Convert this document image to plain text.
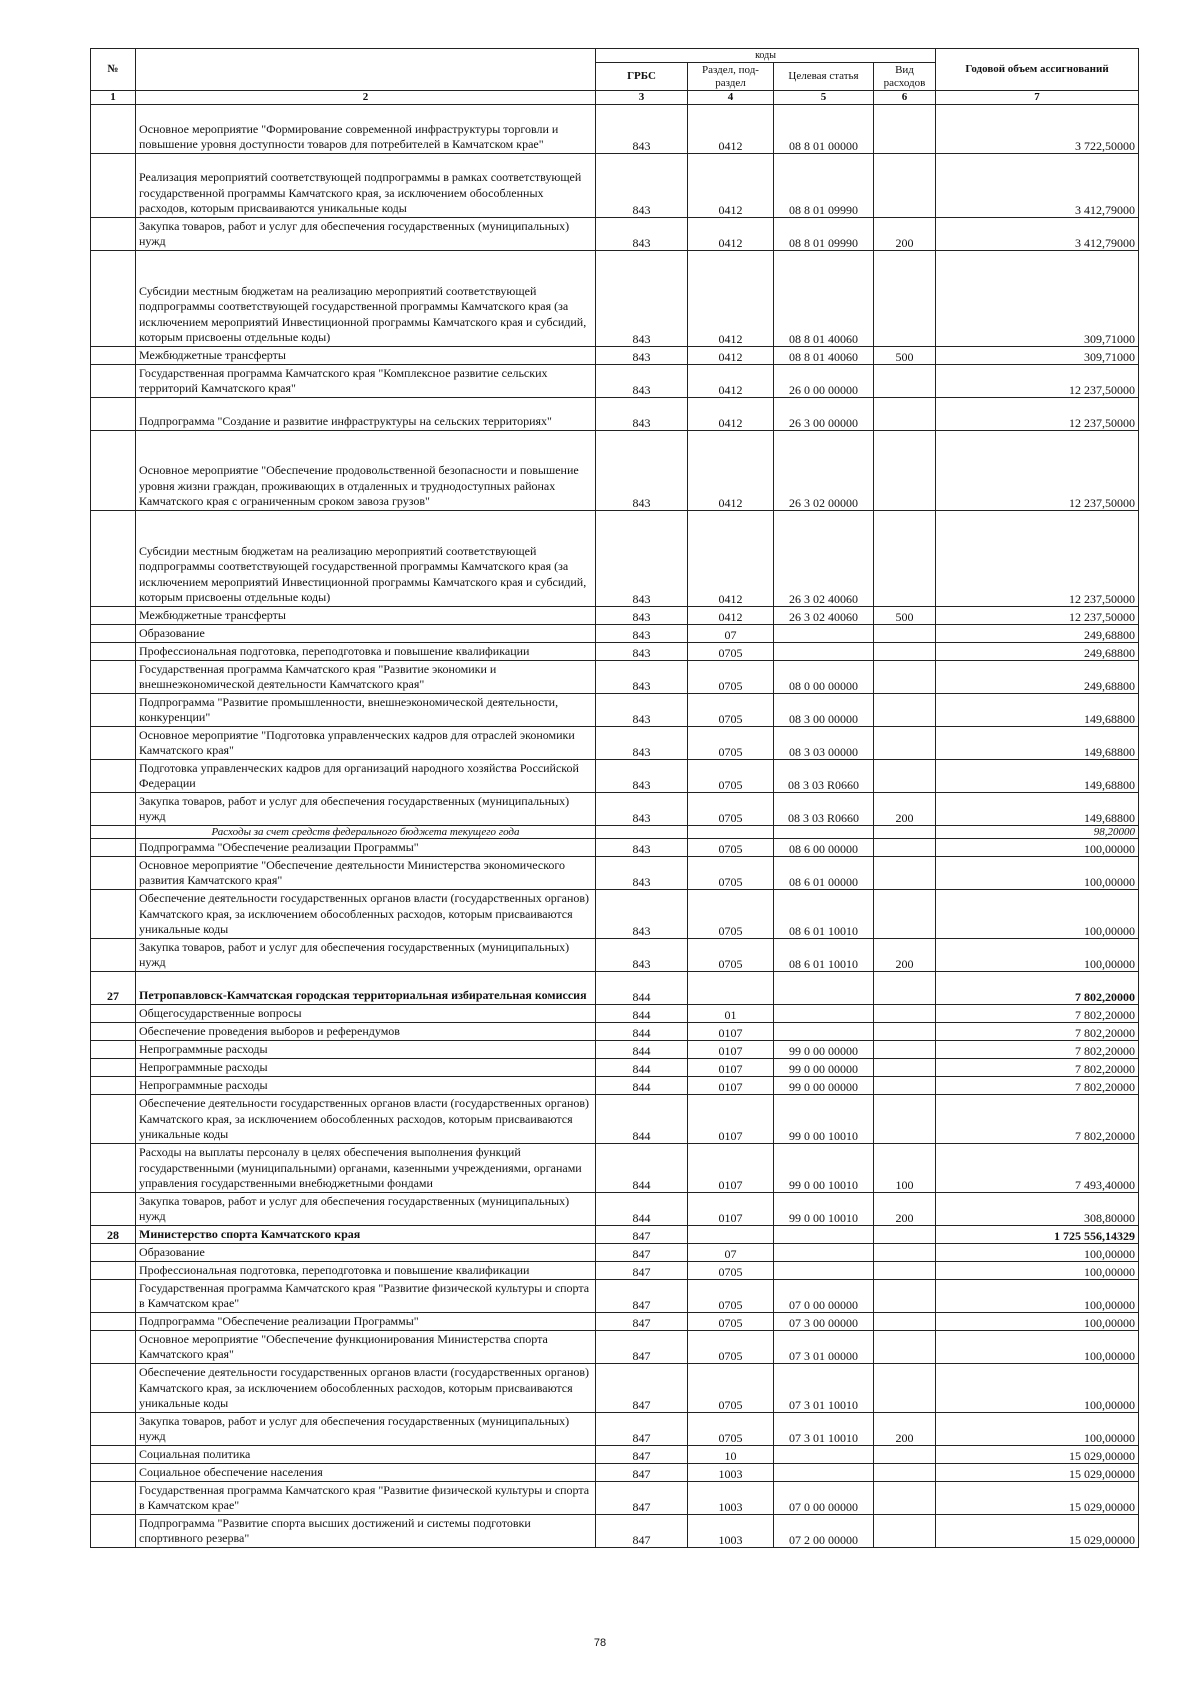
№		коды				Годовой объем ассигнований
		ГРБС	Раздел, под-раздел	Целевая статья	Вид расходов	
1	2	3	4	5	6	7
	Основное мероприятие "Формирование современной инфраструктуры торговли и повышение уровня доступности товаров для потребителей в Камчатском крае"	843	0412	08 8 01 00000		3 722,50000
	Реализация мероприятий соответствующей подпрограммы в рамках соответствующей государственной программы Камчатского края, за исключением обособленных расходов, которым присваиваются уникальные коды	843	0412	08 8 01 09990		3 412,79000
	Закупка товаров, работ и услуг для обеспечения государственных (муниципальных) нужд	843	0412	08 8 01 09990	200	3 412,79000
	Субсидии местным бюджетам на реализацию мероприятий соответствующей подпрограммы соответствующей государственной программы Камчатского края (за исключением мероприятий Инвестиционной программы Камчатского края и субсидий, которым присвоены отдельные коды)	843	0412	08 8 01 40060		309,71000
	Межбюджетные трансферты	843	0412	08 8 01 40060	500	309,71000
	Государственная программа Камчатского края "Комплексное развитие сельских территорий Камчатского края"	843	0412	26 0 00 00000		12 237,50000
	Подпрограмма "Создание и развитие инфраструктуры на сельских территориях"	843	0412	26 3 00 00000		12 237,50000
	Основное мероприятие "Обеспечение продовольственной безопасности и повышение уровня жизни граждан, проживающих в отдаленных и труднодоступных районах Камчатского края с ограниченным сроком завоза грузов"	843	0412	26 3 02 00000		12 237,50000
	Субсидии местным бюджетам на реализацию мероприятий соответствующей подпрограммы соответствующей государственной программы Камчатского края (за исключением мероприятий Инвестиционной программы Камчатского края и субсидий, которым присвоены отдельные коды)	843	0412	26 3 02 40060		12 237,50000
	Межбюджетные трансферты	843	0412	26 3 02 40060	500	12 237,50000
	Образование	843	07			249,68800
	Профессиональная подготовка, переподготовка и повышение квалификации	843	0705			249,68800
	Государственная программа Камчатского края "Развитие экономики и внешнеэкономической деятельности Камчатского края"	843	0705	08 0 00 00000		249,68800
	Подпрограмма "Развитие промышленности, внешнеэкономической деятельности, конкуренции"	843	0705	08 3 00 00000		149,68800
	Основное мероприятие "Подготовка управленческих кадров для отраслей экономики Камчатского края"	843	0705	08 3 03 00000		149,68800
	Подготовка управленческих кадров для организаций народного хозяйства Российской Федерации	843	0705	08 3 03 R0660		149,68800
	Закупка товаров, работ и услуг для обеспечения государственных (муниципальных) нужд	843	0705	08 3 03 R0660	200	149,68800
	Расходы за счет средств федерального бюджета текущего года					98,20000
	Подпрограмма "Обеспечение реализации Программы"	843	0705	08 6 00 00000		100,00000
	Основное мероприятие "Обеспечение деятельности Министерства экономического развития Камчатского края"	843	0705	08 6 01 00000		100,00000
	Обеспечение деятельности государственных органов власти (государственных органов) Камчатского края, за исключением обособленных расходов, которым присваиваются уникальные коды	843	0705	08 6 01 10010		100,00000
	Закупка товаров, работ и услуг для обеспечения государственных (муниципальных) нужд	843	0705	08 6 01 10010	200	100,00000
27	Петропавловск-Камчатская городская территориальная избирательная комиссия	844				7 802,20000
	Общегосударственные вопросы	844	01			7 802,20000
	Обеспечение проведения выборов и референдумов	844	0107			7 802,20000
	Непрограммные расходы	844	0107	99 0 00 00000		7 802,20000
	Непрограммные расходы	844	0107	99 0 00 00000		7 802,20000
	Непрограммные расходы	844	0107	99 0 00 00000		7 802,20000
	Обеспечение деятельности государственных органов власти (государственных органов) Камчатского края, за исключением обособленных расходов, которым присваиваются уникальные коды	844	0107	99 0 00 10010		7 802,20000
	Расходы на выплаты персоналу в целях обеспечения выполнения функций государственными (муниципальными) органами, казенными учреждениями, органами управления государственными внебюджетными фондами	844	0107	99 0 00 10010	100	7 493,40000
	Закупка товаров, работ и услуг для обеспечения государственных (муниципальных) нужд	844	0107	99 0 00 10010	200	308,80000
28	Министерство спорта Камчатского края	847				1 725 556,14329
	Образование	847	07			100,00000
	Профессиональная подготовка, переподготовка и повышение квалификации	847	0705			100,00000
	Государственная программа Камчатского края "Развитие физической культуры и спорта в Камчатском крае"	847	0705	07 0 00 00000		100,00000
	Подпрограмма "Обеспечение реализации Программы"	847	0705	07 3 00 00000		100,00000
	Основное мероприятие "Обеспечение функционирования Министерства спорта Камчатского края"	847	0705	07 3 01 00000		100,00000
	Обеспечение деятельности государственных органов власти (государственных органов) Камчатского края, за исключением обособленных расходов, которым присваиваются уникальные коды	847	0705	07 3 01 10010		100,00000
	Закупка товаров, работ и услуг для обеспечения государственных (муниципальных) нужд	847	0705	07 3 01 10010	200	100,00000
	Социальная политика	847	10			15 029,00000
	Социальное обеспечение населения	847	1003			15 029,00000
	Государственная программа Камчатского края "Развитие физической культуры и спорта в Камчатском крае"	847	1003	07 0 00 00000		15 029,00000
	Подпрограмма "Развитие спорта высших достижений и системы подготовки спортивного резерва"	847	1003	07 2 00 00000		15 029,00000
78
